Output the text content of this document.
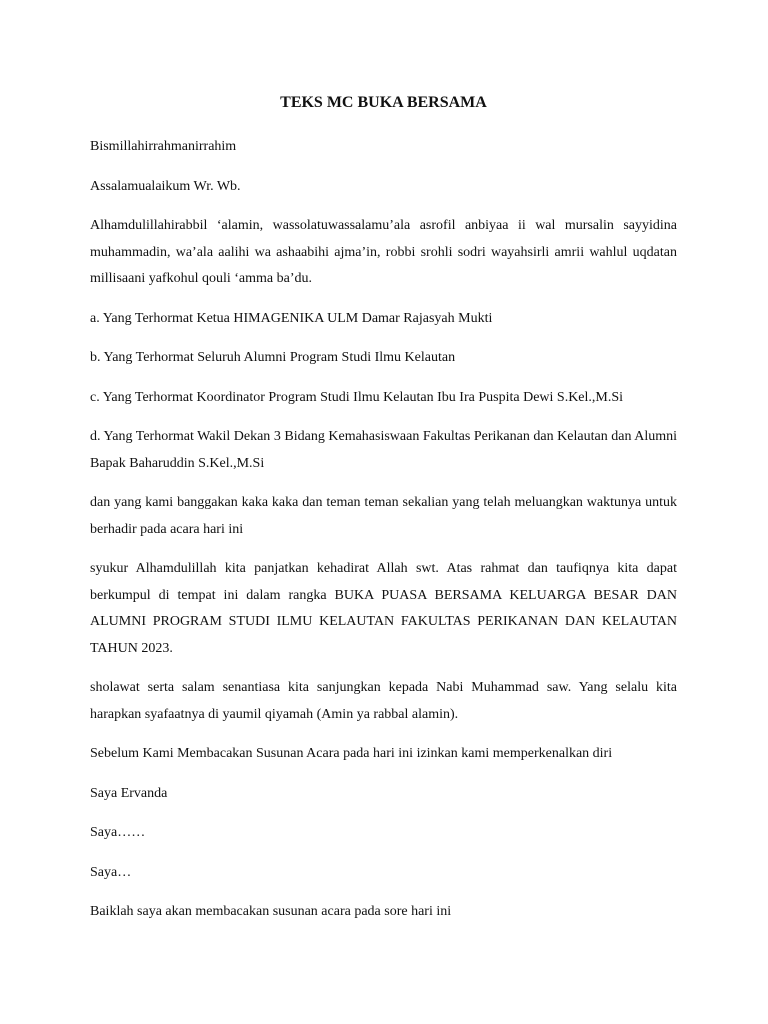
TEKS MC BUKA BERSAMA

Bismillahirrahmanirrahim

Assalamualaikum Wr. Wb.

Alhamdulillahirabbil ‘alamin, wassolatuwassalamu’ala asrofil anbiyaa ii wal mursalin sayyidina muhammadin, wa’ala aalihi wa ashaabihi ajma’in, robbi srohli sodri wayahsirli amrii wahlul uqdatan millisaani yafkohul qouli ‘amma ba’du.

a. Yang Terhormat Ketua HIMAGENIKA ULM Damar Rajasyah Mukti

b. Yang Terhormat Seluruh Alumni Program Studi Ilmu Kelautan

c. Yang Terhormat Koordinator Program Studi Ilmu Kelautan Ibu Ira Puspita Dewi S.Kel.,M.Si

d. Yang Terhormat Wakil Dekan 3 Bidang Kemahasiswaan Fakultas Perikanan dan Kelautan dan Alumni Bapak Baharuddin S.Kel.,M.Si

dan yang kami banggakan kaka kaka dan teman teman sekalian yang telah meluangkan waktunya untuk berhadir pada acara hari ini

syukur Alhamdulillah kita panjatkan kehadirat Allah swt. Atas rahmat dan taufiqnya kita dapat berkumpul di tempat ini dalam rangka BUKA PUASA BERSAMA KELUARGA BESAR DAN ALUMNI PROGRAM STUDI ILMU KELAUTAN FAKULTAS PERIKANAN DAN KELAUTAN TAHUN 2023.

sholawat serta salam senantiasa kita sanjungkan kepada Nabi Muhammad saw. Yang selalu kita harapkan syafaatnya di yaumil qiyamah (Amin ya rabbal alamin).

Sebelum Kami Membacakan Susunan Acara pada hari ini izinkan kami memperkenalkan diri

Saya Ervanda

Saya……

Saya…

Baiklah saya akan membacakan susunan acara pada sore hari ini
